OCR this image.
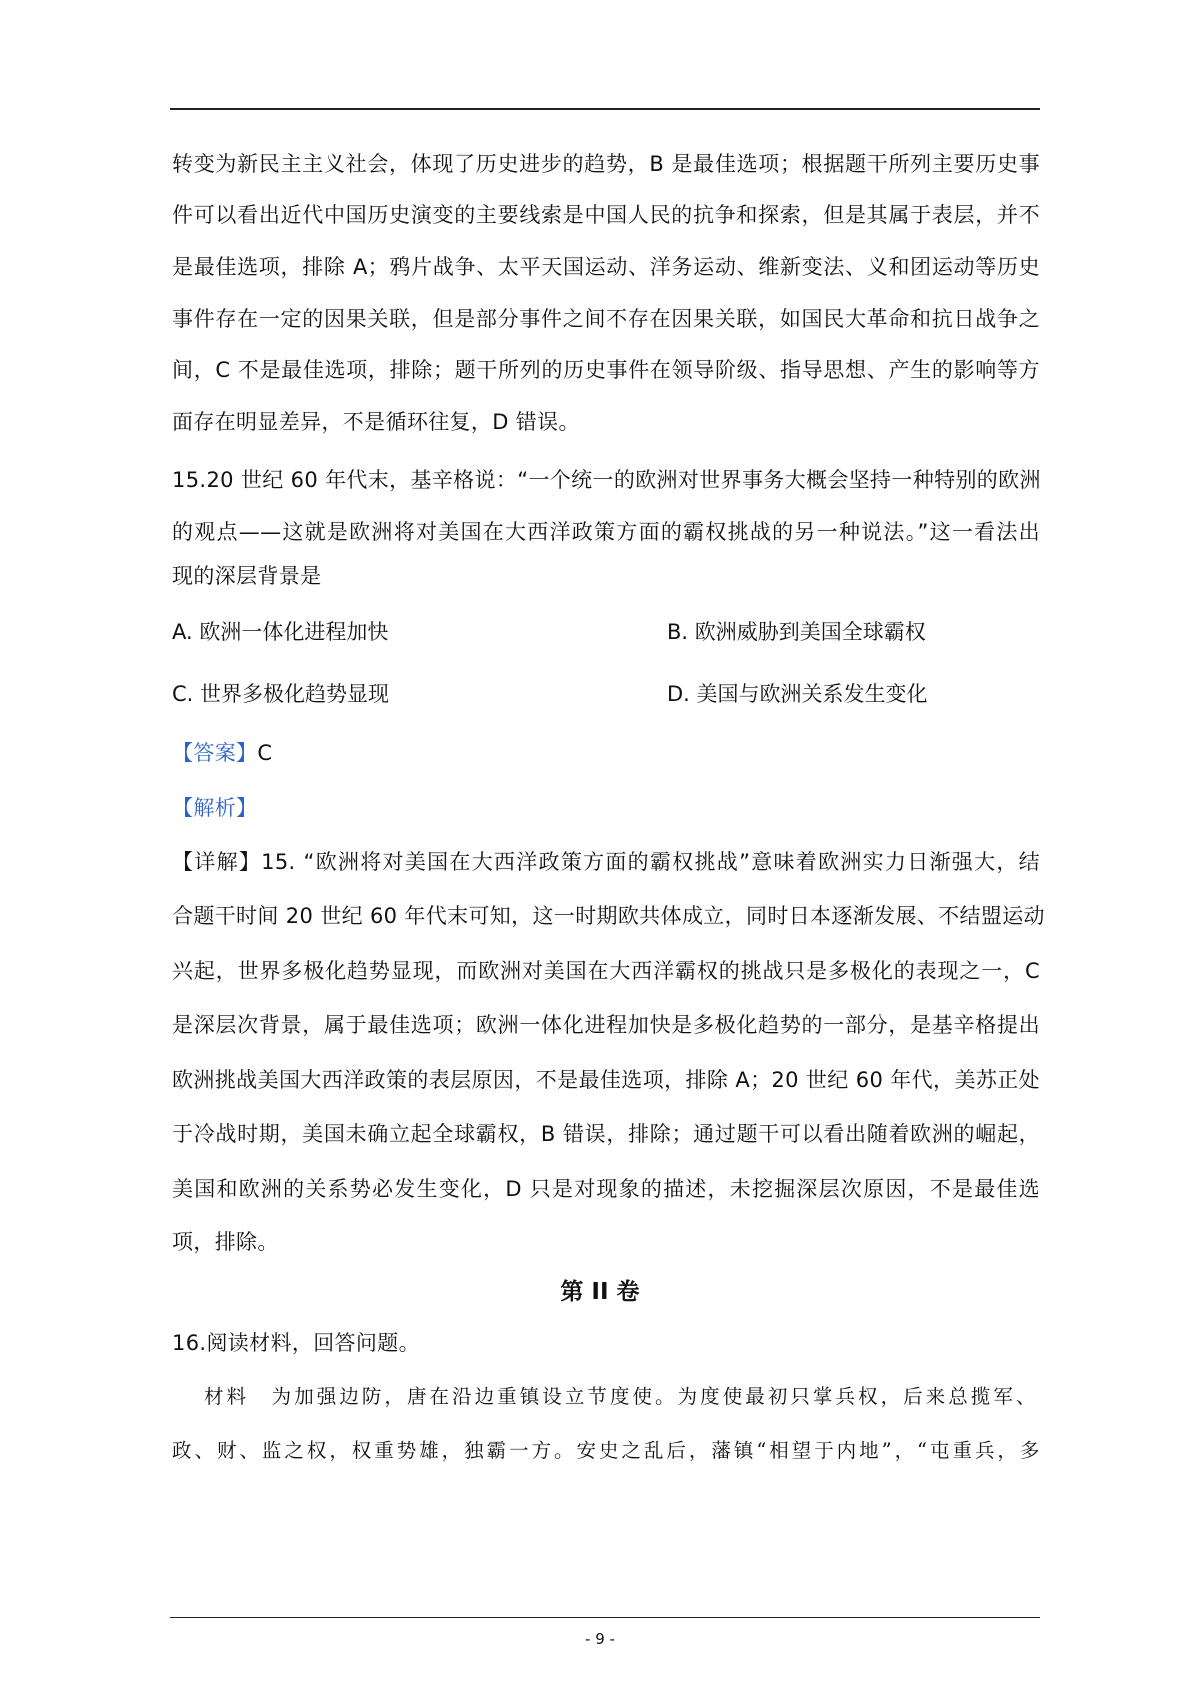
转变为新民主主义社会，体现了历史进步的趋势，B 是最佳选项；根据题干所列主要历史事
件可以看出近代中国历史演变的主要线索是中国人民的抗争和探索，但是其属于表层，并不
是最佳选项，排除 A；鸦片战争、太平天国运动、洋务运动、维新变法、义和团运动等历史
事件存在一定的因果关联，但是部分事件之间不存在因果关联，如国民大革命和抗日战争之
间，C 不是最佳选项，排除；题干所列的历史事件在领导阶级、指导思想、产生的影响等方
面存在明显差异，不是循环往复，D 错误。
15.20 世纪 60 年代末，基辛格说：“一个统一的欧洲对世界事务大概会坚持一种特别的欧洲
的观点——这就是欧洲将对美国在大西洋政策方面的霸权挑战的另一种说法。”这一看法出
现的深层背景是
A. 欧洲一体化进程加快	B. 欧洲威胁到美国全球霸权
C. 世界多极化趋势显现	D. 美国与欧洲关系发生变化
【答案】C
【解析】
【详解】15. “欧洲将对美国在大西洋政策方面的霸权挑战”意味着欧洲实力日渐强大，结
合题干时间 20 世纪 60 年代末可知，这一时期欧共体成立，同时日本逐渐发展、不结盟运动
兴起，世界多极化趋势显现，而欧洲对美国在大西洋霸权的挑战只是多极化的表现之一，C
是深层次背景，属于最佳选项；欧洲一体化进程加快是多极化趋势的一部分，是基辛格提出
欧洲挑战美国大西洋政策的表层原因，不是最佳选项，排除 A；20 世纪 60 年代，美苏正处
于冷战时期，美国未确立起全球霸权，B 错误，排除；通过题干可以看出随着欧洲的崛起，
美国和欧洲的关系势必发生变化，D 只是对现象的描述，未挖掘深层次原因，不是最佳选
项，排除。
第 II 卷
16.阅读材料，回答问题。
材料　为加强边防，唐在沿边重镇设立节度使。为度使最初只掌兵权，后来总揽军、
政、财、监之权，权重势雄，独霸一方。安史之乱后，藩镇“相望于内地”，“屯重兵，多
- 9 -
